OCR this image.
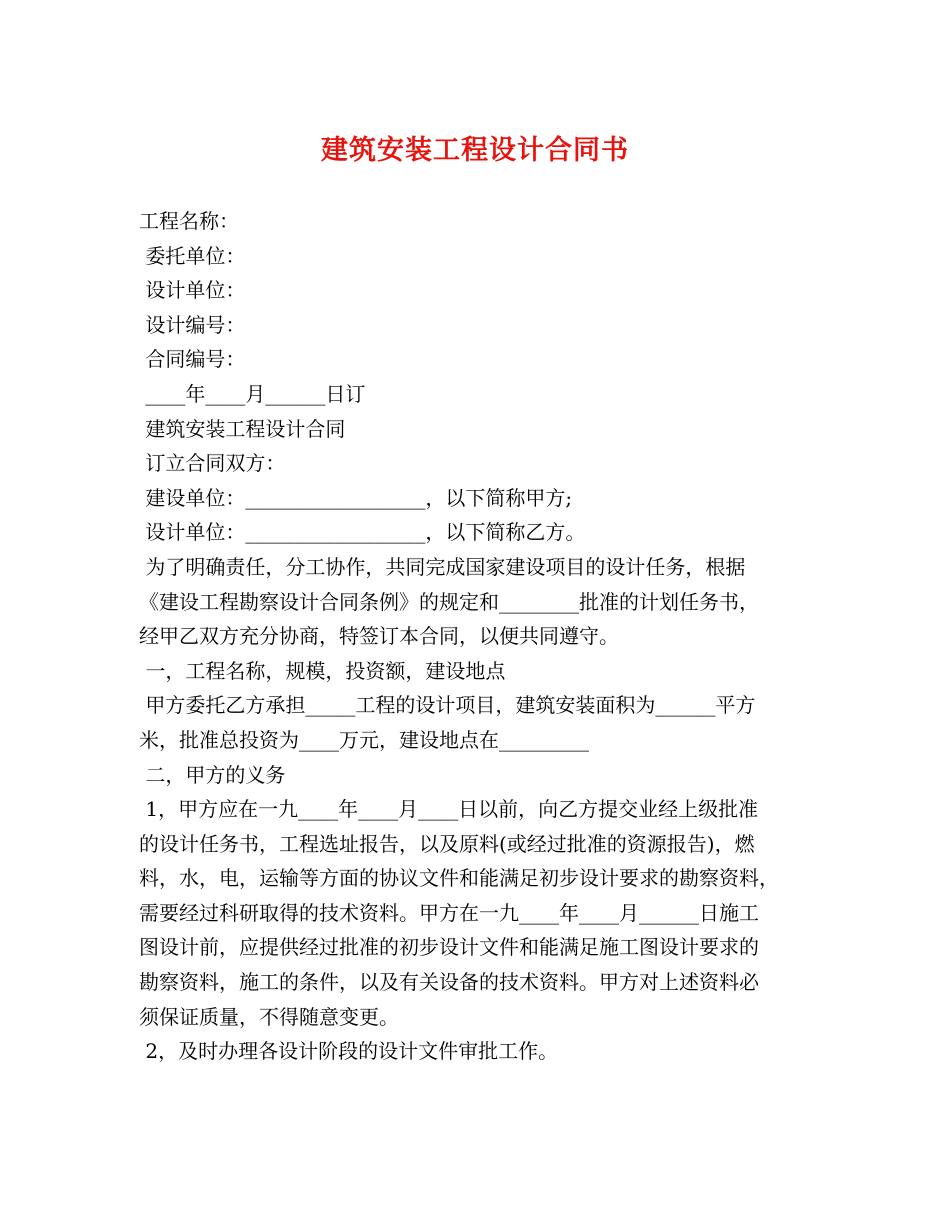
建筑安装工程设计合同书
工程名称：
委托单位：
设计单位：
设计编号：
合同编号：
____年____月______日订
建筑安装工程设计合同
订立合同双方：
建设单位：__________________，以下简称甲方;
设计单位：__________________，以下简称乙方。
为了明确责任，分工协作，共同完成国家建设项目的设计任务，根据
《建设工程勘察设计合同条例》的规定和________批准的计划任务书，
经甲乙双方充分协商，特签订本合同，以便共同遵守。
一，工程名称，规模，投资额，建设地点
甲方委托乙方承担_____工程的设计项目，建筑安装面积为______平方
米，批准总投资为____万元，建设地点在_________
二，甲方的义务
1，甲方应在一九____年____月____日以前，向乙方提交业经上级批准
的设计任务书，工程选址报告，以及原料(或经过批准的资源报告)，燃
料，水，电，运输等方面的协议文件和能满足初步设计要求的勘察资料，
需要经过科研取得的技术资料。甲方在一九____年____月______日施工
图设计前，应提供经过批准的初步设计文件和能满足施工图设计要求的
勘察资料，施工的条件，以及有关设备的技术资料。甲方对上述资料必
须保证质量，不得随意变更。
2，及时办理各设计阶段的设计文件审批工作。
